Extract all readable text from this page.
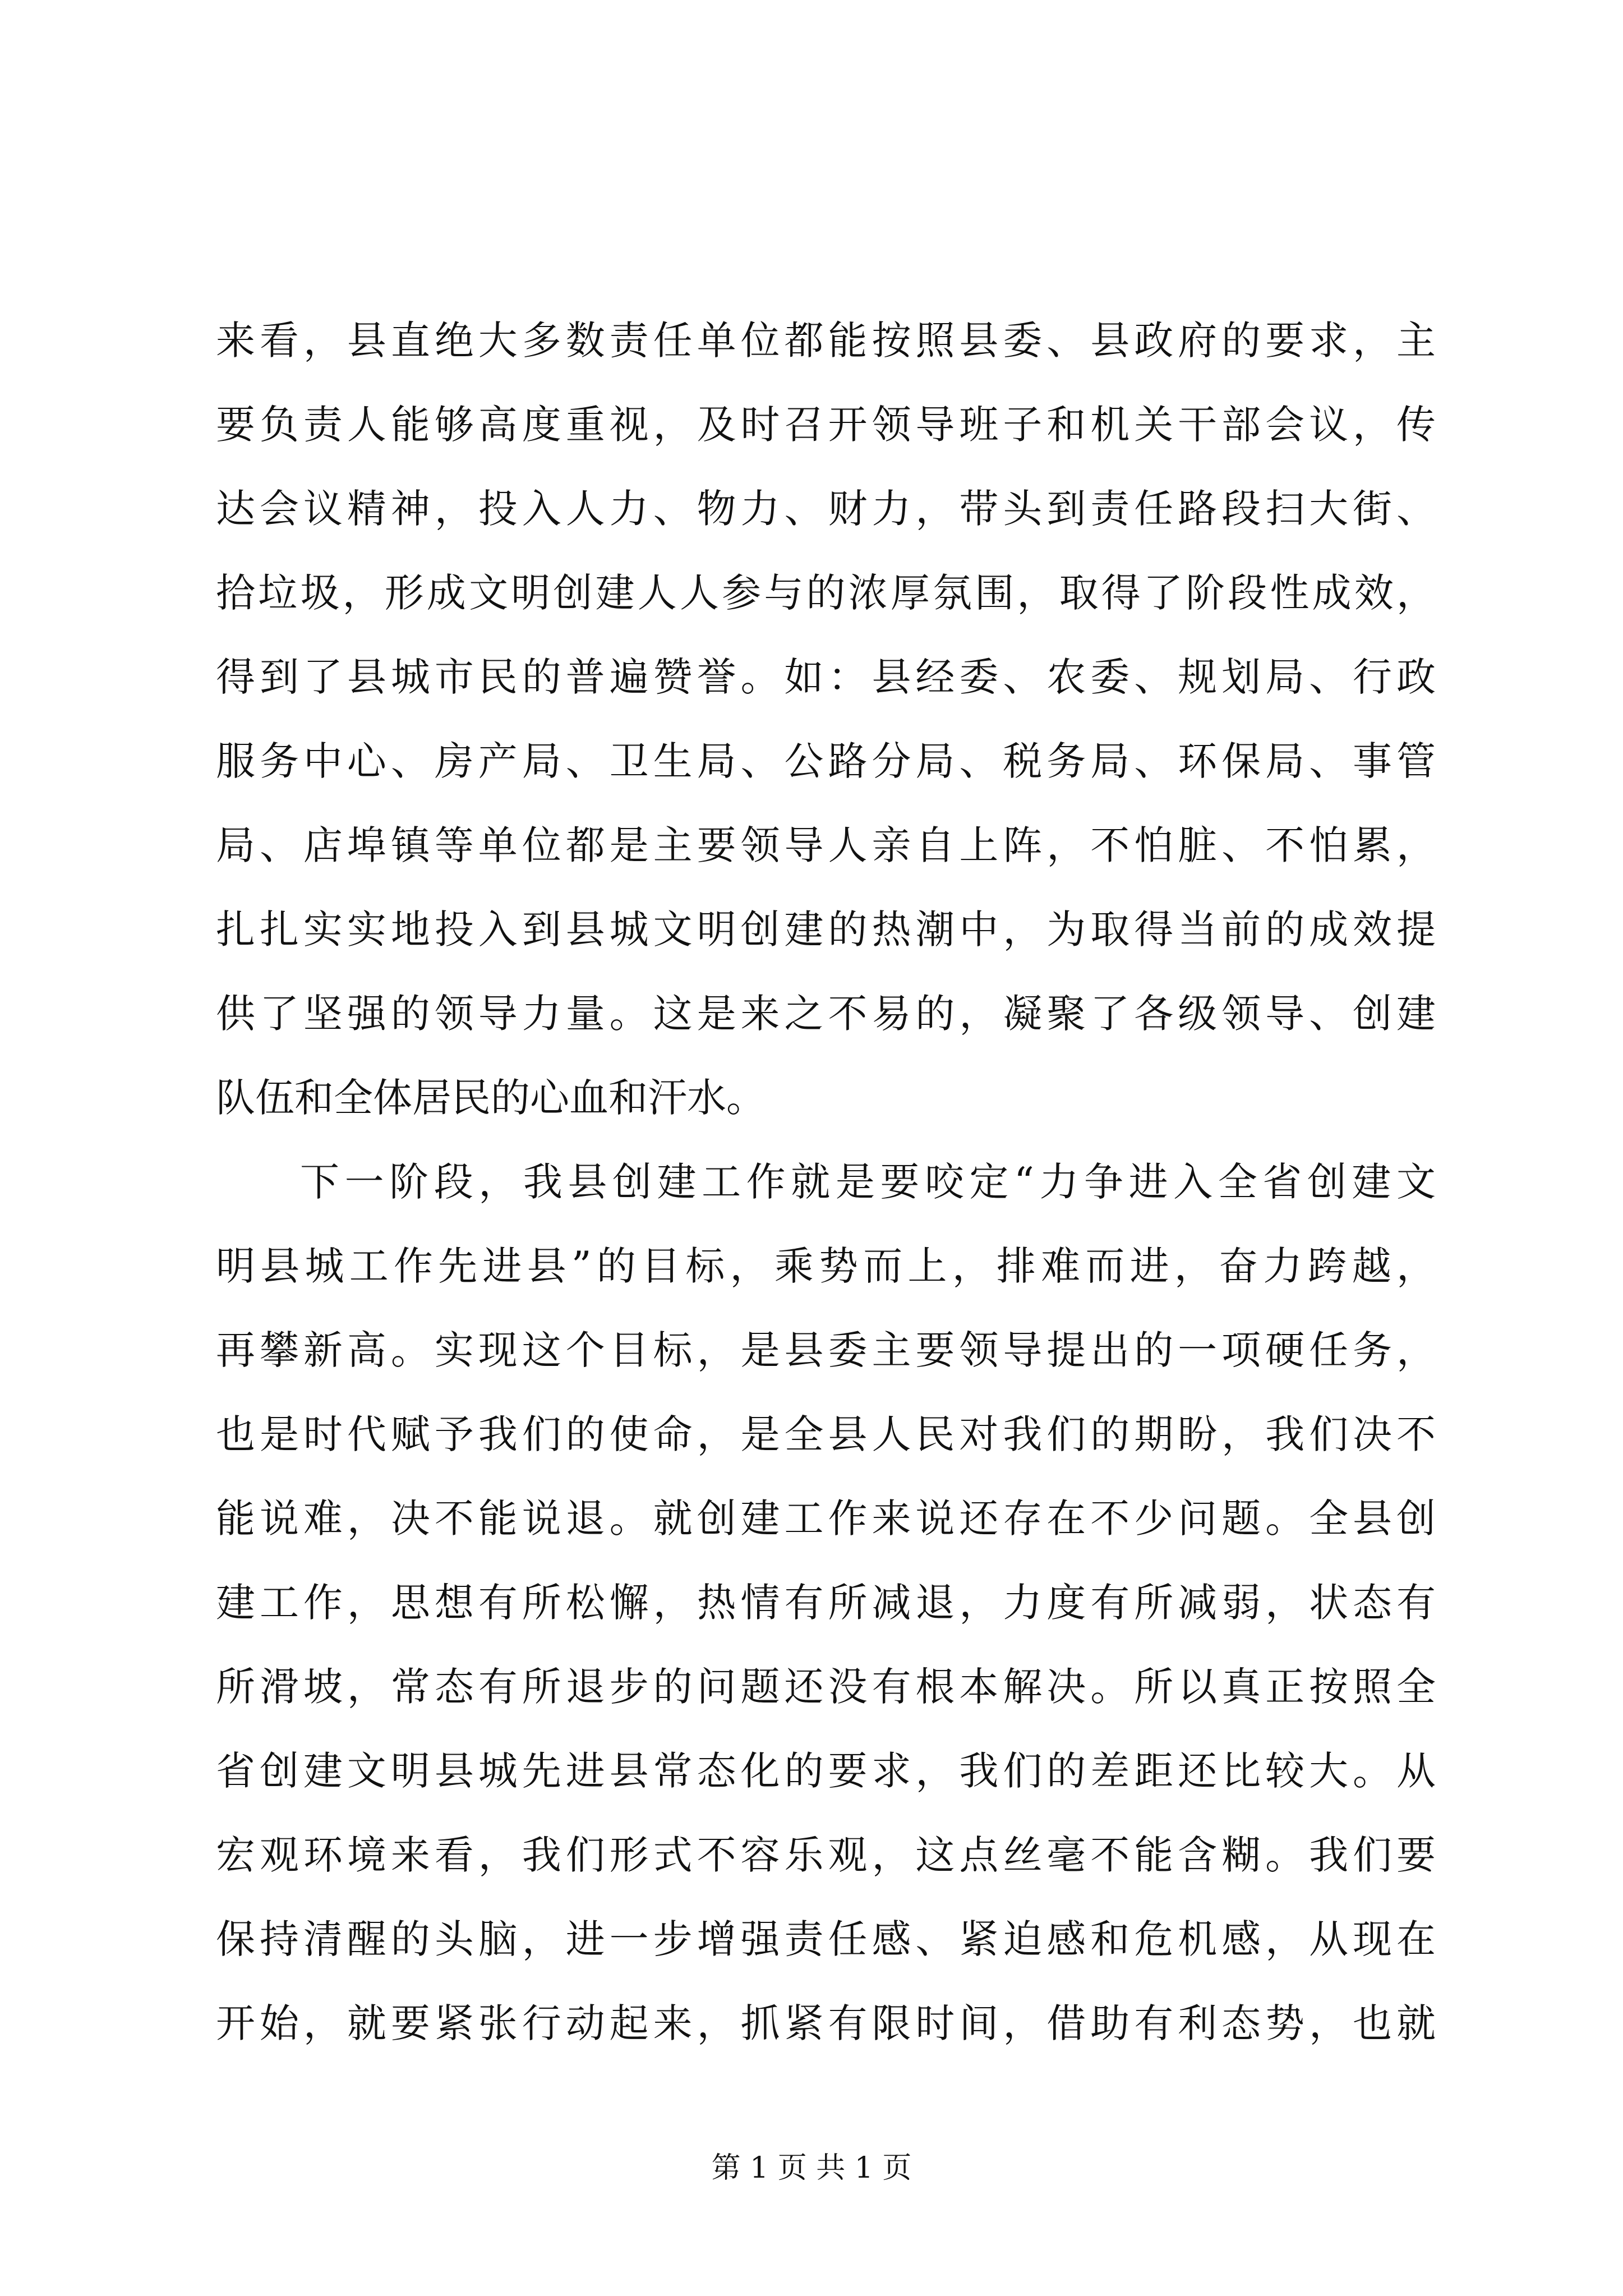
来看，县直绝大多数责任单位都能按照县委、县政府的要求，主
要负责人能够高度重视，及时召开领导班子和机关干部会议，传
达会议精神，投入人力、物力、财力，带头到责任路段扫大街、
拾垃圾，形成文明创建人人参与的浓厚氛围，取得了阶段性成效，
得到了县城市民的普遍赞誉。如：县经委、农委、规划局、行政
服务中心、房产局、卫生局、公路分局、税务局、环保局、事管
局、店埠镇等单位都是主要领导人亲自上阵，不怕脏、不怕累，
扎扎实实地投入到县城文明创建的热潮中，为取得当前的成效提
供了坚强的领导力量。这是来之不易的，凝聚了各级领导、创建
队伍和全体居民的心血和汗水。
下一阶段，我县创建工作就是要咬定“力争进入全省创建文
明县城工作先进县”的目标，乘势而上，排难而进，奋力跨越，
再攀新高。实现这个目标，是县委主要领导提出的一项硬任务，
也是时代赋予我们的使命，是全县人民对我们的期盼，我们决不
能说难，决不能说退。就创建工作来说还存在不少问题。全县创
建工作，思想有所松懈，热情有所减退，力度有所减弱，状态有
所滑坡，常态有所退步的问题还没有根本解决。所以真正按照全
省创建文明县城先进县常态化的要求，我们的差距还比较大。从
宏观环境来看，我们形式不容乐观，这点丝毫不能含糊。我们要
保持清醒的头脑，进一步增强责任感、紧迫感和危机感，从现在
开始，就要紧张行动起来，抓紧有限时间，借助有利态势，也就
第 1 页 共 1 页
